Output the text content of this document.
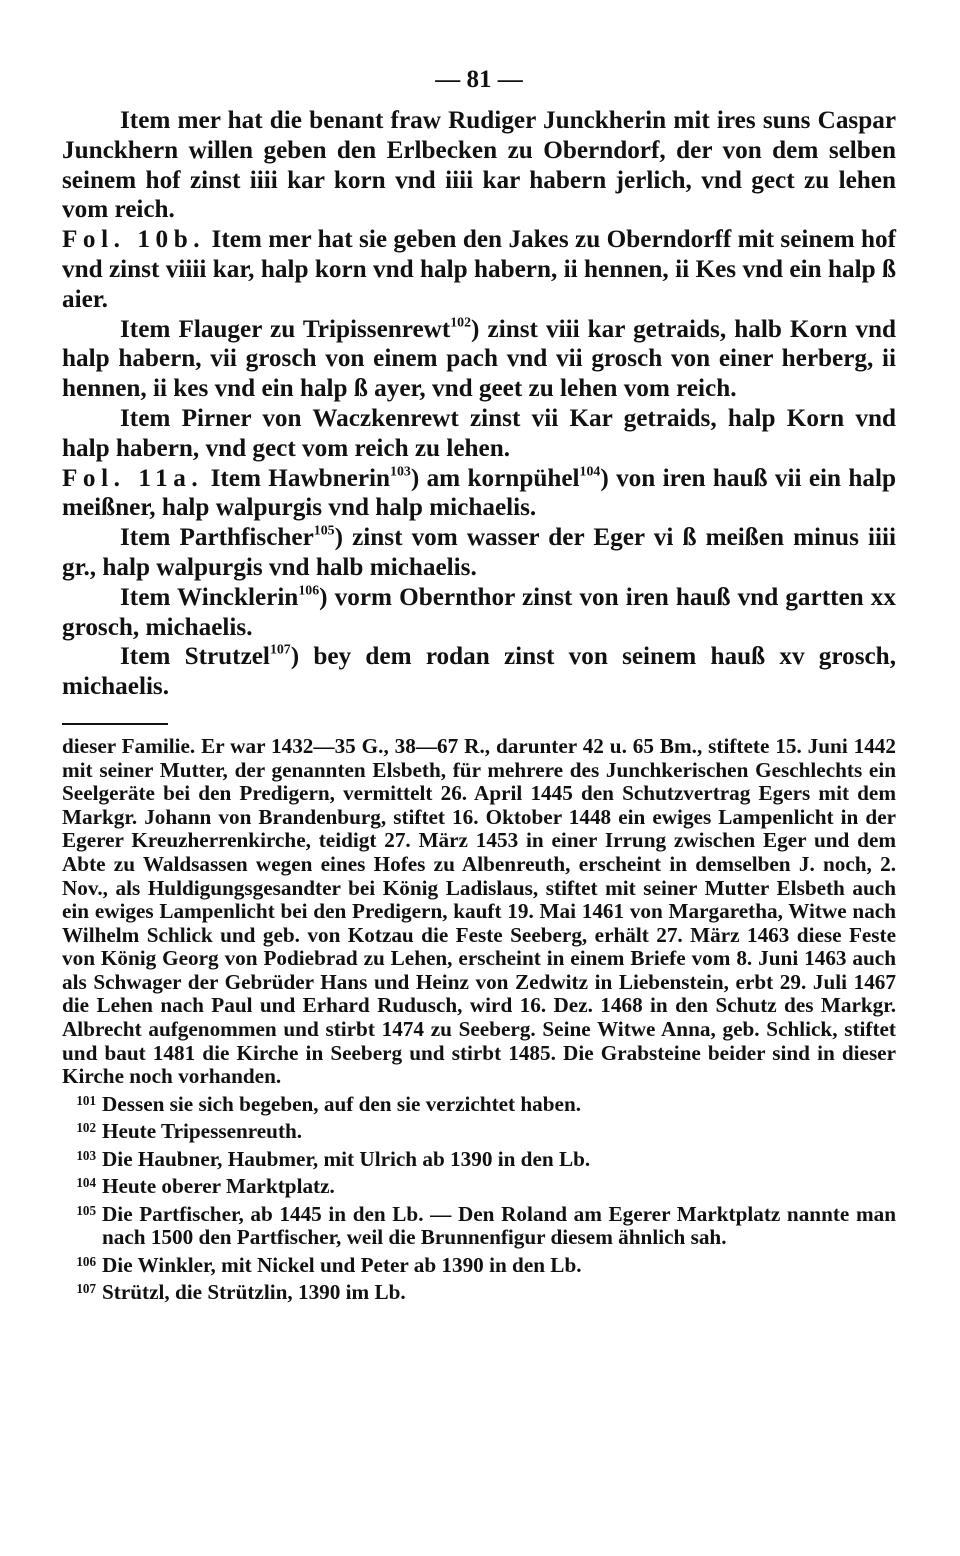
— 81 —

Item mer hat die benant fraw Rudiger Junckherin mit ires suns Caspar Junckhern willen geben den Erlbecken zu Oberndorf, der von dem selben seinem hof zinst iiii kar korn vnd iiii kar habern jerlich, vnd gect zu lehen vom reich.

Fol. 10b. Item mer hat sie geben den Jakes zu Oberndorff mit seinem hof vnd zinst viiii kar, halp korn vnd halp habern, ii hennen, ii Kes vnd ein halp ß aier.

Item Flauger zu Tripissenrewt$^{102}$) zinst viii kar getraids, halb Korn vnd halp habern, vii grosch von einem pach vnd vii grosch von einer herberg, ii hennen, ii kes vnd ein halp ß ayer, vnd geet zu lehen vom reich.

Item Pirner von Waczkenrewt zinst vii Kar getraids, halp Korn vnd halp habern, vnd gect vom reich zu lehen.

Fol. 11a. Item Hawbnerin$^{103}$) am kornpühel$^{104}$) von iren hauß vii ein halp meißner, halp walpurgis vnd halp michaelis.

Item Parthfischer$^{105}$) zinst vom wasser der Eger vi ß meißen minus iiii gr., halp walpurgis vnd halb michaelis.

Item Wincklerin$^{106}$) vorm Obernthor zinst von iren hauß vnd gartten xx grosch, michaelis.

Item Strutzel$^{107}$) bey dem rodan zinst von seinem hauß xv grosch, michaelis.

dieser Familie. Er war 1432—35 G., 38—67 R., darunter 42 u. 65 Bm., stiftete 15. Juni 1442 mit seiner Mutter, der genannten Elsbeth, für mehrere des Junchkerischen Geschlechts ein Seelgeräte bei den Predigern, vermittelt 26. April 1445 den Schutzvertrag Egers mit dem Markgr. Johann von Brandenburg, stiftet 16. Oktober 1448 ein ewiges Lampenlicht in der Egerer Kreuzherrenkirche, teidigt 27. März 1453 in einer Irrung zwischen Eger und dem Abte zu Waldsassen wegen eines Hofes zu Albenreuth, erscheint in demselben J. noch, 2. Nov., als Huldigungsgesandter bei König Ladislaus, stiftet mit seiner Mutter Elsbeth auch ein ewiges Lampenlicht bei den Predigern, kauft 19. Mai 1461 von Margaretha, Witwe nach Wilhelm Schlick und geb. von Kotzau die Feste Seeberg, erhält 27. März 1463 diese Feste von König Georg von Podiebrad zu Lehen, erscheint in einem Briefe vom 8. Juni 1463 auch als Schwager der Gebrüder Hans und Heinz von Zedwitz in Liebenstein, erbt 29. Juli 1467 die Lehen nach Paul und Erhard Rudusch, wird 16. Dez. 1468 in den Schutz des Markgr. Albrecht aufgenommen und stirbt 1474 zu Seeberg. Seine Witwe Anna, geb. Schlick, stiftet und baut 1481 die Kirche in Seeberg und stirbt 1485. Die Grabsteine beider sind in dieser Kirche noch vorhanden.

101 Dessen sie sich begeben, auf den sie verzichtet haben.

102 Heute Tripessenreuth.

103 Die Haubner, Haubmer, mit Ulrich ab 1390 in den Lb.

104 Heute oberer Marktplatz.

105 Die Partfischer, ab 1445 in den Lb. — Den Roland am Egerer Marktplatz nannte man nach 1500 den Partfischer, weil die Brunnenfigur diesem ähnlich sah.

106 Die Winkler, mit Nickel und Peter ab 1390 in den Lb.

107 Strützl, die Strützlin, 1390 im Lb.
